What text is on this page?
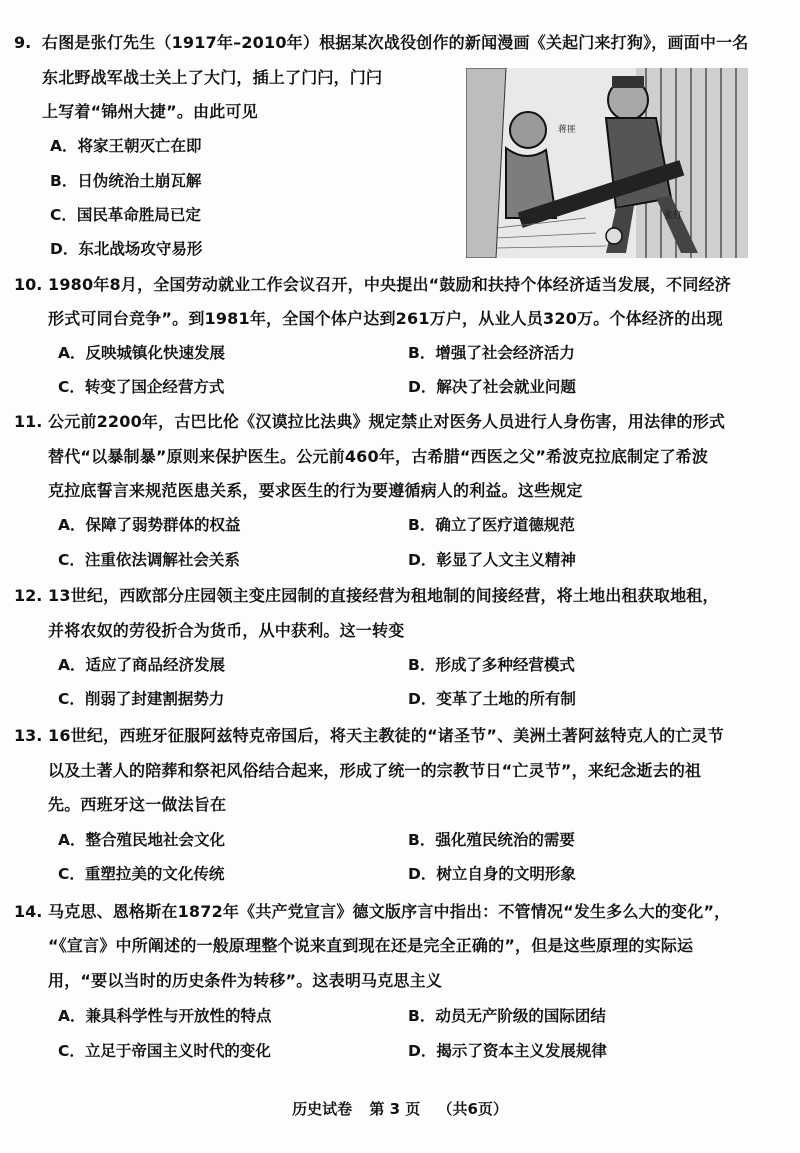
9. 右图是张仃先生（1917年–2010年）根据某次战役创作的新闻漫画《关起门来打狗》，画面中一名
东北野战军战士关上了大门，插上了门闩，门闩
上写着“锦州大捷”。由此可见
A．将家王朝灭亡在即
B．日伪统治土崩瓦解
C．国民革命胜局已定
D．东北战场攻守易形
蒋匪
张仃
10. 1980年8月，全国劳动就业工作会议召开，中央提出“鼓励和扶持个体经济适当发展，不同经济
形式可同台竞争”。到1981年，全国个体户达到261万户，从业人员320万。个体经济的出现
A．反映城镇化快速发展	B．增强了社会经济活力
C．转变了国企经营方式	D．解决了社会就业问题
11. 公元前2200年，古巴比伦《汉谟拉比法典》规定禁止对医务人员进行人身伤害，用法律的形式
替代“以暴制暴”原则来保护医生。公元前460年，古希腊“西医之父”希波克拉底制定了希波
克拉底誓言来规范医患关系，要求医生的行为要遵循病人的利益。这些规定
A．保障了弱势群体的权益	B．确立了医疗道德规范
C．注重依法调解社会关系	D．彰显了人文主义精神
12. 13世纪，西欧部分庄园领主变庄园制的直接经营为租地制的间接经营，将土地出租获取地租，
并将农奴的劳役折合为货币，从中获利。这一转变
A．适应了商品经济发展	B．形成了多种经营模式
C．削弱了封建割据势力	D．变革了土地的所有制
13. 16世纪，西班牙征服阿兹特克帝国后，将天主教徒的“诸圣节”、美洲土著阿兹特克人的亡灵节
以及土著人的陪葬和祭祀风俗结合起来，形成了统一的宗教节日“亡灵节”，来纪念逝去的祖
先。西班牙这一做法旨在
A．整合殖民地社会文化	B．强化殖民统治的需要
C．重塑拉美的文化传统	D．树立自身的文明形象
14. 马克思、恩格斯在1872年《共产党宣言》德文版序言中指出：不管情况“发生多么大的变化”，
“《宣言》中所阐述的一般原理整个说来直到现在还是完全正确的”，但是这些原理的实际运
用，“要以当时的历史条件为转移”。这表明马克思主义
A．兼具科学性与开放性的特点	B．动员无产阶级的国际团结
C．立足于帝国主义时代的变化	D．揭示了资本主义发展规律
历史试卷 第 3 页 （共6页）
